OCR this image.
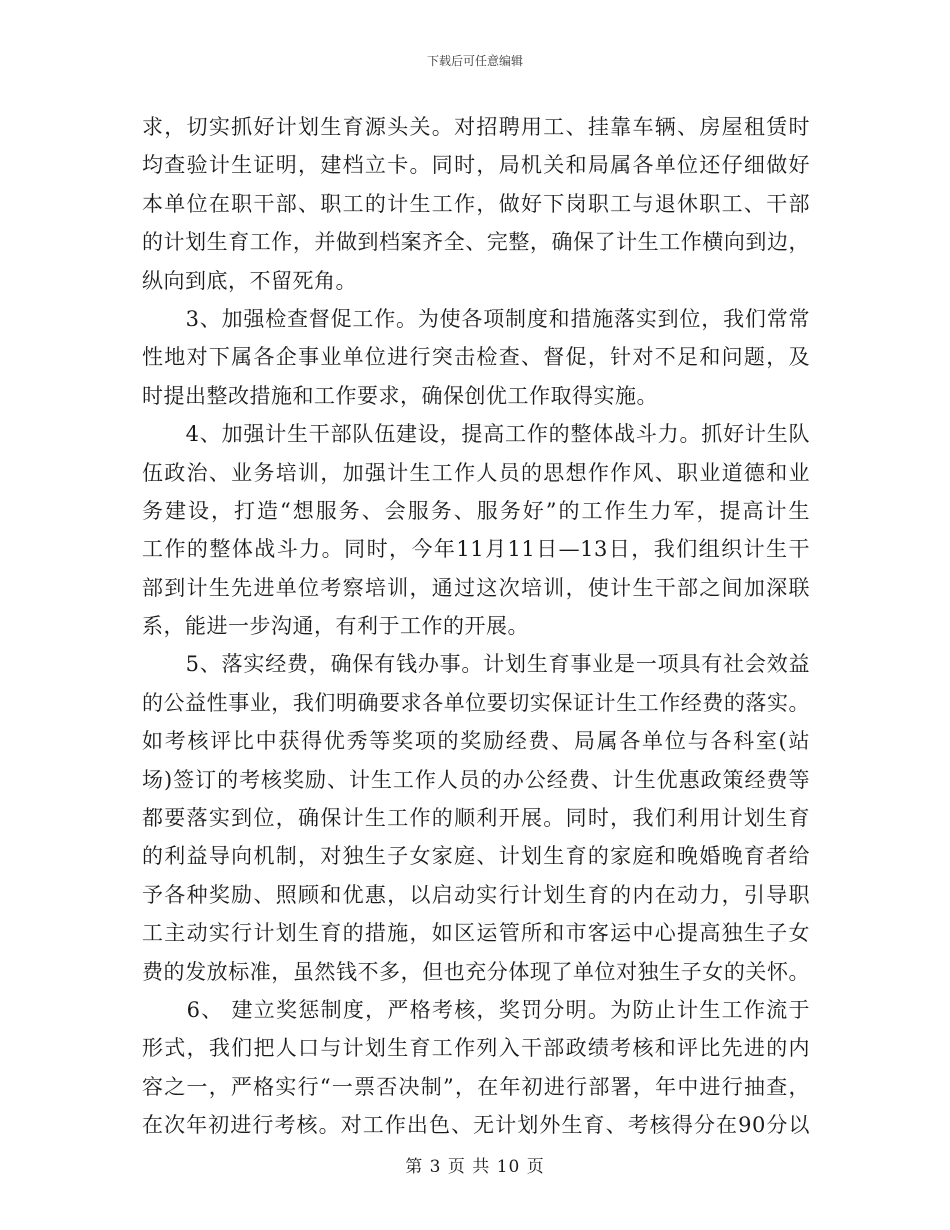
下载后可任意编辑
求，切实抓好计划生育源头关。对招聘用工、挂靠车辆、房屋租赁时
均查验计生证明，建档立卡。同时，局机关和局属各单位还仔细做好
本单位在职干部、职工的计生工作，做好下岗职工与退休职工、干部
的计划生育工作，并做到档案齐全、完整，确保了计生工作横向到边，
纵向到底，不留死角。
　　3、加强检查督促工作。为使各项制度和措施落实到位，我们常常
性地对下属各企事业单位进行突击检查、督促，针对不足和问题，及
时提出整改措施和工作要求，确保创优工作取得实施。
　　4、加强计生干部队伍建设，提高工作的整体战斗力。抓好计生队
伍政治、业务培训，加强计生工作人员的思想作作风、职业道德和业
务建设，打造“想服务、会服务、服务好”的工作生力军，提高计生
工作的整体战斗力。同时，今年11月11日—13日，我们组织计生干
部到计生先进单位考察培训，通过这次培训，使计生干部之间加深联
系，能进一步沟通，有利于工作的开展。
　　5、落实经费，确保有钱办事。计划生育事业是一项具有社会效益
的公益性事业，我们明确要求各单位要切实保证计生工作经费的落实。
如考核评比中获得优秀等奖项的奖励经费、局属各单位与各科室(站
场)签订的考核奖励、计生工作人员的办公经费、计生优惠政策经费等
都要落实到位，确保计生工作的顺利开展。同时，我们利用计划生育
的利益导向机制，对独生子女家庭、计划生育的家庭和晚婚晚育者给
予各种奖励、照顾和优惠，以启动实行计划生育的内在动力，引导职
工主动实行计划生育的措施，如区运管所和市客运中心提高独生子女
费的发放标准，虽然钱不多，但也充分体现了单位对独生子女的关怀。
　　6、 建立奖惩制度，严格考核，奖罚分明。为防止计生工作流于
形式，我们把人口与计划生育工作列入干部政绩考核和评比先进的内
容之一，严格实行“一票否决制”，在年初进行部署，年中进行抽查，
在次年初进行考核。对工作出色、无计划外生育、考核得分在90分以
第 3 页 共 10 页
